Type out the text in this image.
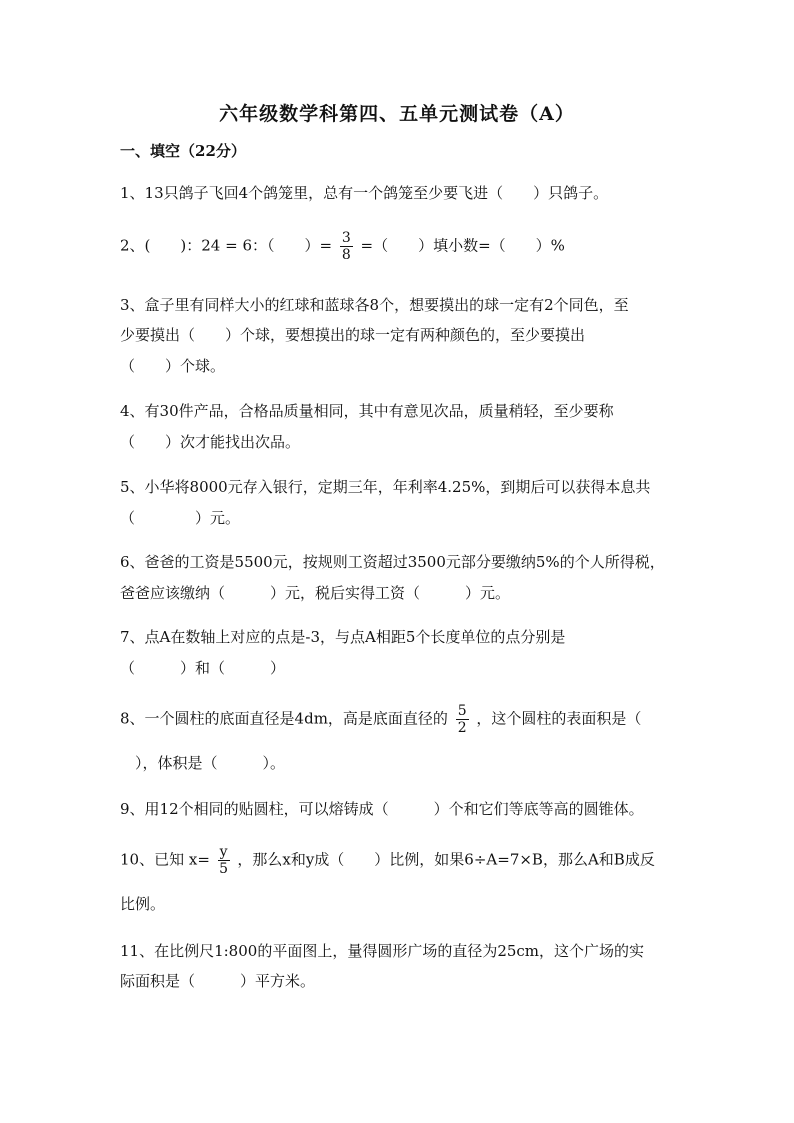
六年级数学科第四、五单元测试卷（A）
一、填空（22分）
1、13只鸽子飞回4个鸽笼里，总有一个鸽笼至少要飞进（　　）只鸽子。
2、(　　)：24 = 6：（　　）= $\frac{3}{8}$ =（　　）填小数=（　　）%
3、盒子里有同样大小的红球和蓝球各8个，想要摸出的球一定有2个同色，至
少要摸出（　　）个球，要想摸出的球一定有两种颜色的，至少要摸出
（　　）个球。
4、有30件产品，合格品质量相同，其中有意见次品，质量稍轻，至少要称
（　　）次才能找出次品。
5、小华将8000元存入银行，定期三年，年利率4.25%，到期后可以获得本息共
（　　　　）元。
6、爸爸的工资是5500元，按规则工资超过3500元部分要缴纳5%的个人所得税，
爸爸应该缴纳（　　　）元，税后实得工资（　　　）元。
7、点A在数轴上对应的点是-3，与点A相距5个长度单位的点分别是
（　　　）和（　　　）
8、一个圆柱的底面直径是4dm，高是底面直径的 $\frac{5}{2}$ ，这个圆柱的表面积是（
　），体积是（　　　）。
9、用12个相同的贴圆柱，可以熔铸成（　　　）个和它们等底等高的圆锥体。
10、已知 $x= \frac{y}{5}$ ，那么x和y成（　　）比例，如果6÷A=7×B，那么A和B成反
比例。
11、在比例尺1:800的平面图上，量得圆形广场的直径为25cm，这个广场的实
际面积是（　　　）平方米。
